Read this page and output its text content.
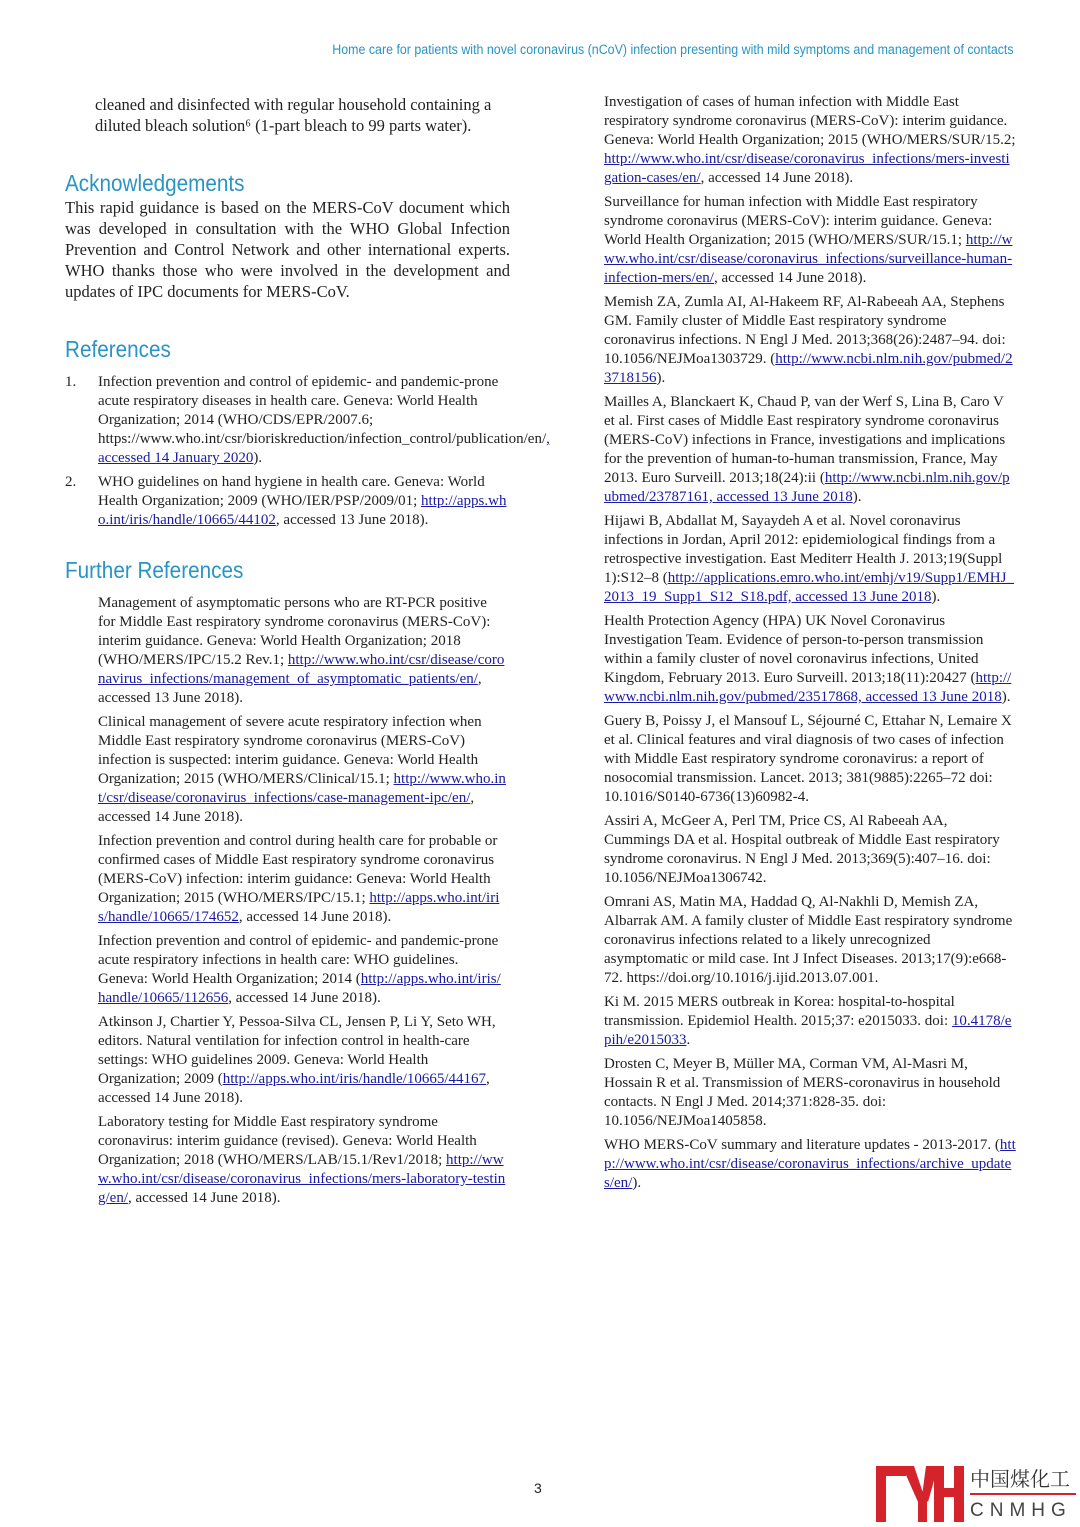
Home care for patients with novel coronavirus (nCoV) infection presenting with mild symptoms and management of contacts

cleaned and disinfected with regular household containing a diluted bleach solution⁶ (1-part bleach to 99 parts water).

Acknowledgements

This rapid guidance is based on the MERS-CoV document which was developed in consultation with the WHO Global Infection Prevention and Control Network and other international experts. WHO thanks those who were involved in the development and updates of IPC documents for MERS-CoV.

References
1.	Infection prevention and control of epidemic- and pandemic-prone acute respiratory diseases in health care. Geneva: World Health Organization; 2014 (WHO/CDS/EPR/2007.6; https://www.who.int/csr/bioriskreduction/infection_control/publication/en/, accessed 14 January 2020).

2.	WHO guidelines on hand hygiene in health care. Geneva: World Health Organization; 2009 (WHO/IER/PSP/2009/01; http://apps.who.int/iris/handle/10665/44102, accessed 13 June 2018).

Further References

Management of asymptomatic persons who are RT-PCR positive for Middle East respiratory syndrome coronavirus (MERS-CoV): interim guidance. Geneva: World Health Organization; 2018 (WHO/MERS/IPC/15.2 Rev.1; http://www.who.int/csr/disease/coronavirus_infections/management_of_asymptomatic_patients/en/, accessed 13 June 2018).

Clinical management of severe acute respiratory infection when Middle East respiratory syndrome coronavirus (MERS-CoV) infection is suspected: interim guidance. Geneva: World Health Organization; 2015 (WHO/MERS/Clinical/15.1; http://www.who.int/csr/disease/coronavirus_infections/case-management-ipc/en/, accessed 14 June 2018).

Infection prevention and control during health care for probable or confirmed cases of Middle East respiratory syndrome coronavirus (MERS-CoV) infection: interim guidance: Geneva: World Health Organization; 2015 (WHO/MERS/IPC/15.1; http://apps.who.int/iris/handle/10665/174652, accessed 14 June 2018).

Infection prevention and control of epidemic- and pandemic-prone acute respiratory infections in health care: WHO guidelines. Geneva: World Health Organization; 2014 (http://apps.who.int/iris/handle/10665/112656, accessed 14 June 2018).

Atkinson J, Chartier Y, Pessoa-Silva CL, Jensen P, Li Y, Seto WH, editors. Natural ventilation for infection control in health-care settings: WHO guidelines 2009. Geneva: World Health Organization; 2009 (http://apps.who.int/iris/handle/10665/44167, accessed 14 June 2018).

Laboratory testing for Middle East respiratory syndrome coronavirus: interim guidance (revised). Geneva: World Health Organization; 2018 (WHO/MERS/LAB/15.1/Rev1/2018; http://www.who.int/csr/disease/coronavirus_infections/mers-laboratory-testing/en/, accessed 14 June 2018).

Investigation of cases of human infection with Middle East respiratory syndrome coronavirus (MERS-CoV): interim guidance. Geneva: World Health Organization; 2015 (WHO/MERS/SUR/15.2; http://www.who.int/csr/disease/coronavirus_infections/mers-investigation-cases/en/, accessed 14 June 2018).

Surveillance for human infection with Middle East respiratory syndrome coronavirus (MERS-CoV): interim guidance. Geneva: World Health Organization; 2015 (WHO/MERS/SUR/15.1; http://www.who.int/csr/disease/coronavirus_infections/surveillance-human-infection-mers/en/, accessed 14 June 2018).

Memish ZA, Zumla AI, Al-Hakeem RF, Al-Rabeeah AA, Stephens GM. Family cluster of Middle East respiratory syndrome coronavirus infections. N Engl J Med. 2013;368(26):2487–94. doi: 10.1056/NEJMoa1303729. (http://www.ncbi.nlm.nih.gov/pubmed/23718156).

Mailles A, Blanckaert K, Chaud P, van der Werf S, Lina B, Caro V et al. First cases of Middle East respiratory syndrome coronavirus (MERS-CoV) infections in France, investigations and implications for the prevention of human-to-human transmission, France, May 2013. Euro Surveill. 2013;18(24):ii (http://www.ncbi.nlm.nih.gov/pubmed/23787161, accessed 13 June 2018).

Hijawi B, Abdallat M, Sayaydeh A et al. Novel coronavirus infections in Jordan, April 2012: epidemiological findings from a retrospective investigation. East Mediterr Health J. 2013;19(Suppl 1):S12–8 (http://applications.emro.who.int/emhj/v19/Supp1/EMHJ_2013_19_Supp1_S12_S18.pdf, accessed 13 June 2018).

Health Protection Agency (HPA) UK Novel Coronavirus Investigation Team. Evidence of person-to-person transmission within a family cluster of novel coronavirus infections, United Kingdom, February 2013. Euro Surveill. 2013;18(11):20427 (http://www.ncbi.nlm.nih.gov/pubmed/23517868, accessed 13 June 2018).

Guery B, Poissy J, el Mansouf L, Séjourné C, Ettahar N, Lemaire X et al. Clinical features and viral diagnosis of two cases of infection with Middle East respiratory syndrome coronavirus: a report of nosocomial transmission. Lancet. 2013; 381(9885):2265–72 doi: 10.1016/S0140-6736(13)60982-4.

Assiri A, McGeer A, Perl TM, Price CS, Al Rabeeah AA, Cummings DA et al. Hospital outbreak of Middle East respiratory syndrome coronavirus. N Engl J Med. 2013;369(5):407–16. doi: 10.1056/NEJMoa1306742.

Omrani AS, Matin MA, Haddad Q, Al-Nakhli D, Memish ZA, Albarrak AM. A family cluster of Middle East respiratory syndrome coronavirus infections related to a likely unrecognized asymptomatic or mild case. Int J Infect Diseases. 2013;17(9):e668-72. https://doi.org/10.1016/j.ijid.2013.07.001.

Ki M. 2015 MERS outbreak in Korea: hospital-to-hospital transmission. Epidemiol Health. 2015;37: e2015033. doi: 10.4178/epih/e2015033.

Drosten C, Meyer B, Müller MA, Corman VM, Al-Masri M, Hossain R et al. Transmission of MERS-coronavirus in household contacts. N Engl J Med. 2014;371:828-35. doi: 10.1056/NEJMoa1405858.

WHO MERS-CoV summary and literature updates - 2013-2017. (http://www.who.int/csr/disease/coronavirus_infections/archive_updates/en/).

3	中国煤化工
CNMHG
